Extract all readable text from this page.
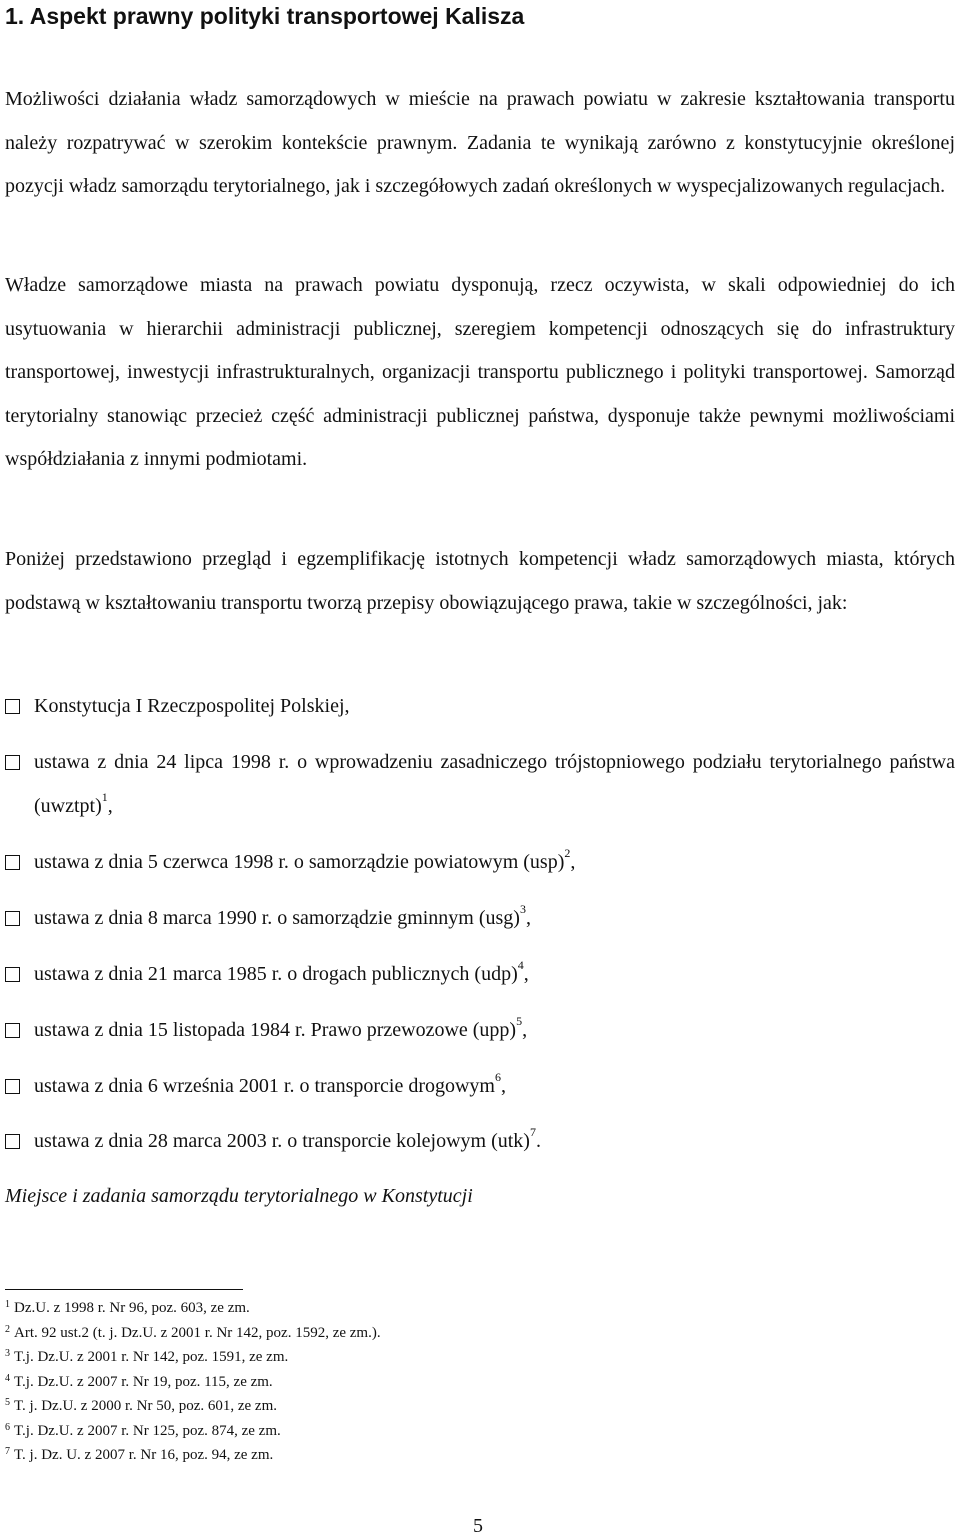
1. Aspekt prawny polityki transportowej Kalisza

Możliwości działania władz samorządowych w mieście na prawach powiatu w zakresie kształtowania transportu należy rozpatrywać w szerokim kontekście prawnym. Zadania te wynikają zarówno z konstytucyjnie określonej pozycji władz samorządu terytorialnego, jak i szczegółowych zadań określonych w wyspecjalizowanych regulacjach.

Władze samorządowe miasta na prawach powiatu dysponują, rzecz oczywista, w skali odpowiedniej do ich usytuowania w hierarchii administracji publicznej, szeregiem kompetencji odnoszących się do infrastruktury transportowej, inwestycji infrastrukturalnych, organizacji transportu publicznego i polityki transportowej. Samorząd terytorialny stanowiąc przecież część administracji publicznej państwa, dysponuje także pewnymi możliwościami współdziałania z innymi podmiotami.

Poniżej przedstawiono przegląd i egzemplifikację istotnych kompetencji władz samorządowych miasta, których podstawą w kształtowaniu transportu tworzą przepisy obowiązującego prawa, takie w szczególności, jak:

Konstytucja I Rzeczpospolitej Polskiej,
ustawa z dnia 24 lipca 1998 r. o wprowadzeniu zasadniczego trójstopniowego podziału terytorialnego państwa (uwztpt)$^1$,
ustawa z dnia 5 czerwca 1998 r. o samorządzie powiatowym (usp)$^2$,
ustawa z dnia 8 marca 1990 r. o samorządzie gminnym (usg)$^3$,
ustawa z dnia 21 marca 1985 r. o drogach publicznych (udp)$^4$,
ustawa z dnia 15 listopada 1984 r. Prawo przewozowe (upp)$^5$,
ustawa z dnia 6 września 2001 r. o transporcie drogowym$^6$,
ustawa z dnia 28 marca 2003 r. o transporcie kolejowym (utk)$^7$.

Miejsce i zadania samorządu terytorialnego w Konstytucji

$^1$ Dz.U. z 1998 r. Nr 96, poz. 603, ze zm.
$^2$ Art. 92 ust.2 (t. j. Dz.U. z 2001 r. Nr 142, poz. 1592, ze zm.).
$^3$ T.j. Dz.U. z 2001 r. Nr 142, poz. 1591, ze zm.
$^4$ T.j. Dz.U. z 2007 r. Nr 19, poz. 115, ze zm.
$^5$ T. j. Dz.U. z 2000 r. Nr 50, poz. 601, ze zm.
$^6$ T.j. Dz.U. z 2007 r. Nr 125, poz. 874, ze zm.
$^7$ T. j. Dz. U. z 2007 r. Nr 16, poz. 94, ze zm.
5
